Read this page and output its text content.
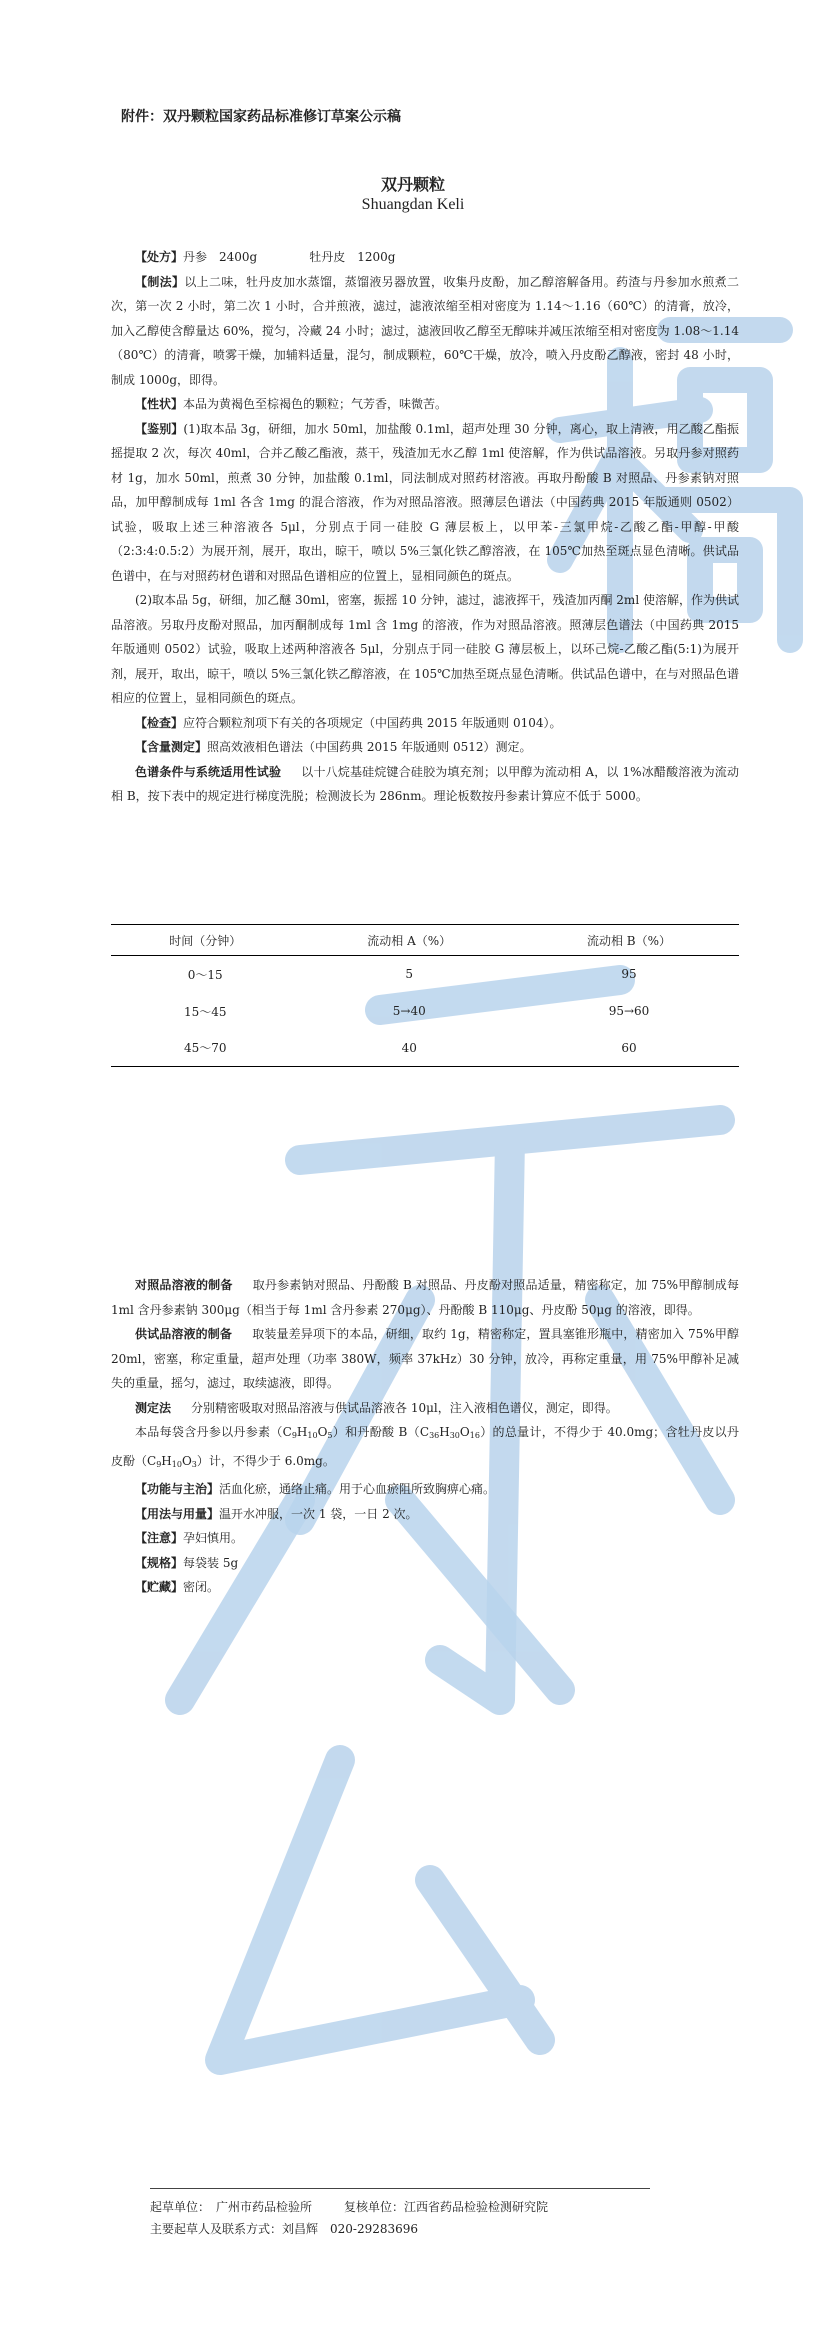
附件：双丹颗粒国家药品标准修订草案公示稿
双丹颗粒
Shuangdan Keli

【处方】丹参　2400g	牡丹皮　1200g

【制法】以上二味，牡丹皮加水蒸馏，蒸馏液另器放置，收集丹皮酚，加乙醇溶解备用。药渣与丹参加水煎煮二次，第一次 2 小时，第二次 1 小时，合并煎液，滤过，滤液浓缩至相对密度为 1.14～1.16（60℃）的清膏，放冷，加入乙醇使含醇量达 60%，搅匀，冷藏 24 小时；滤过，滤液回收乙醇至无醇味并减压浓缩至相对密度为 1.08～1.14（80℃）的清膏，喷雾干燥，加辅料适量，混匀，制成颗粒，60℃干燥，放冷，喷入丹皮酚乙醇液，密封 48 小时，制成 1000g，即得。

【性状】本品为黄褐色至棕褐色的颗粒；气芳香，味微苦。

【鉴别】(1)取本品 3g，研细，加水 50ml，加盐酸 0.1ml，超声处理 30 分钟，离心，取上清液，用乙酸乙酯振摇提取 2 次，每次 40ml，合并乙酸乙酯液，蒸干，残渣加无水乙醇 1ml 使溶解，作为供试品溶液。另取丹参对照药材 1g，加水 50ml，煎煮 30 分钟，加盐酸 0.1ml，同法制成对照药材溶液。再取丹酚酸 B 对照品、丹参素钠对照品，加甲醇制成每 1ml 各含 1mg 的混合溶液，作为对照品溶液。照薄层色谱法（中国药典 2015 年版通则 0502）试验，吸取上述三种溶液各 5μl，分别点于同一硅胶 G 薄层板上，以甲苯-三氯甲烷-乙酸乙酯-甲醇-甲酸（2:3:4:0.5:2）为展开剂，展开，取出，晾干，喷以 5%三氯化铁乙醇溶液，在 105℃加热至斑点显色清晰。供试品色谱中，在与对照药材色谱和对照品色谱相应的位置上，显相同颜色的斑点。

(2)取本品 5g，研细，加乙醚 30ml，密塞，振摇 10 分钟，滤过，滤液挥干，残渣加丙酮 2ml 使溶解，作为供试品溶液。另取丹皮酚对照品，加丙酮制成每 1ml 含 1mg 的溶液，作为对照品溶液。照薄层色谱法（中国药典 2015 年版通则 0502）试验，吸取上述两种溶液各 5μl，分别点于同一硅胶 G 薄层板上，以环己烷-乙酸乙酯(5:1)为展开剂，展开，取出，晾干，喷以 5%三氯化铁乙醇溶液，在 105℃加热至斑点显色清晰。供试品色谱中，在与对照品色谱相应的位置上，显相同颜色的斑点。

【检查】应符合颗粒剂项下有关的各项规定（中国药典 2015 年版通则 0104）。

【含量测定】照高效液相色谱法（中国药典 2015 年版通则 0512）测定。

色谱条件与系统适用性试验 以十八烷基硅烷键合硅胶为填充剂；以甲醇为流动相 A，以 1%冰醋酸溶液为流动相 B，按下表中的规定进行梯度洗脱；检测波长为 286nm。理论板数按丹参素计算应不低于 5000。

时间（分钟）	流动相 A（%）	流动相 B（%）
0～15	5	95
15～45	5→40	95→60
45～70	40	60

对照品溶液的制备 取丹参素钠对照品、丹酚酸 B 对照品、丹皮酚对照品适量，精密称定，加 75%甲醇制成每 1ml 含丹参素钠 300μg（相当于每 1ml 含丹参素 270μg）、丹酚酸 B 110μg、丹皮酚 50μg 的溶液，即得。

供试品溶液的制备 取装量差异项下的本品，研细，取约 1g，精密称定，置具塞锥形瓶中，精密加入 75%甲醇 20ml，密塞，称定重量，超声处理（功率 380W，频率 37kHz）30 分钟，放冷，再称定重量，用 75%甲醇补足减失的重量，摇匀，滤过，取续滤液，即得。

测定法 分别精密吸取对照品溶液与供试品溶液各 10μl，注入液相色谱仪，测定，即得。

本品每袋含丹参以丹参素$(C_9H_{10}O_5)$和丹酚酸 $B(C_{36}H_{30}O_{16})$的总量计，不得少于 40.0mg；含牡丹皮以丹皮酚$(C_9H_{10}O_3)$计，不得少于 6.0mg。

【功能与主治】活血化瘀，通络止痛。用于心血瘀阻所致胸痹心痛。

【用法与用量】温开水冲服，一次 1 袋，一日 2 次。

【注意】孕妇慎用。

【规格】每袋装 5g

【贮藏】密闭。

起草单位：　广州市药品检验所	复核单位：江西省药品检验检测研究院
主要起草人及联系方式：刘昌辉　020-29283696
